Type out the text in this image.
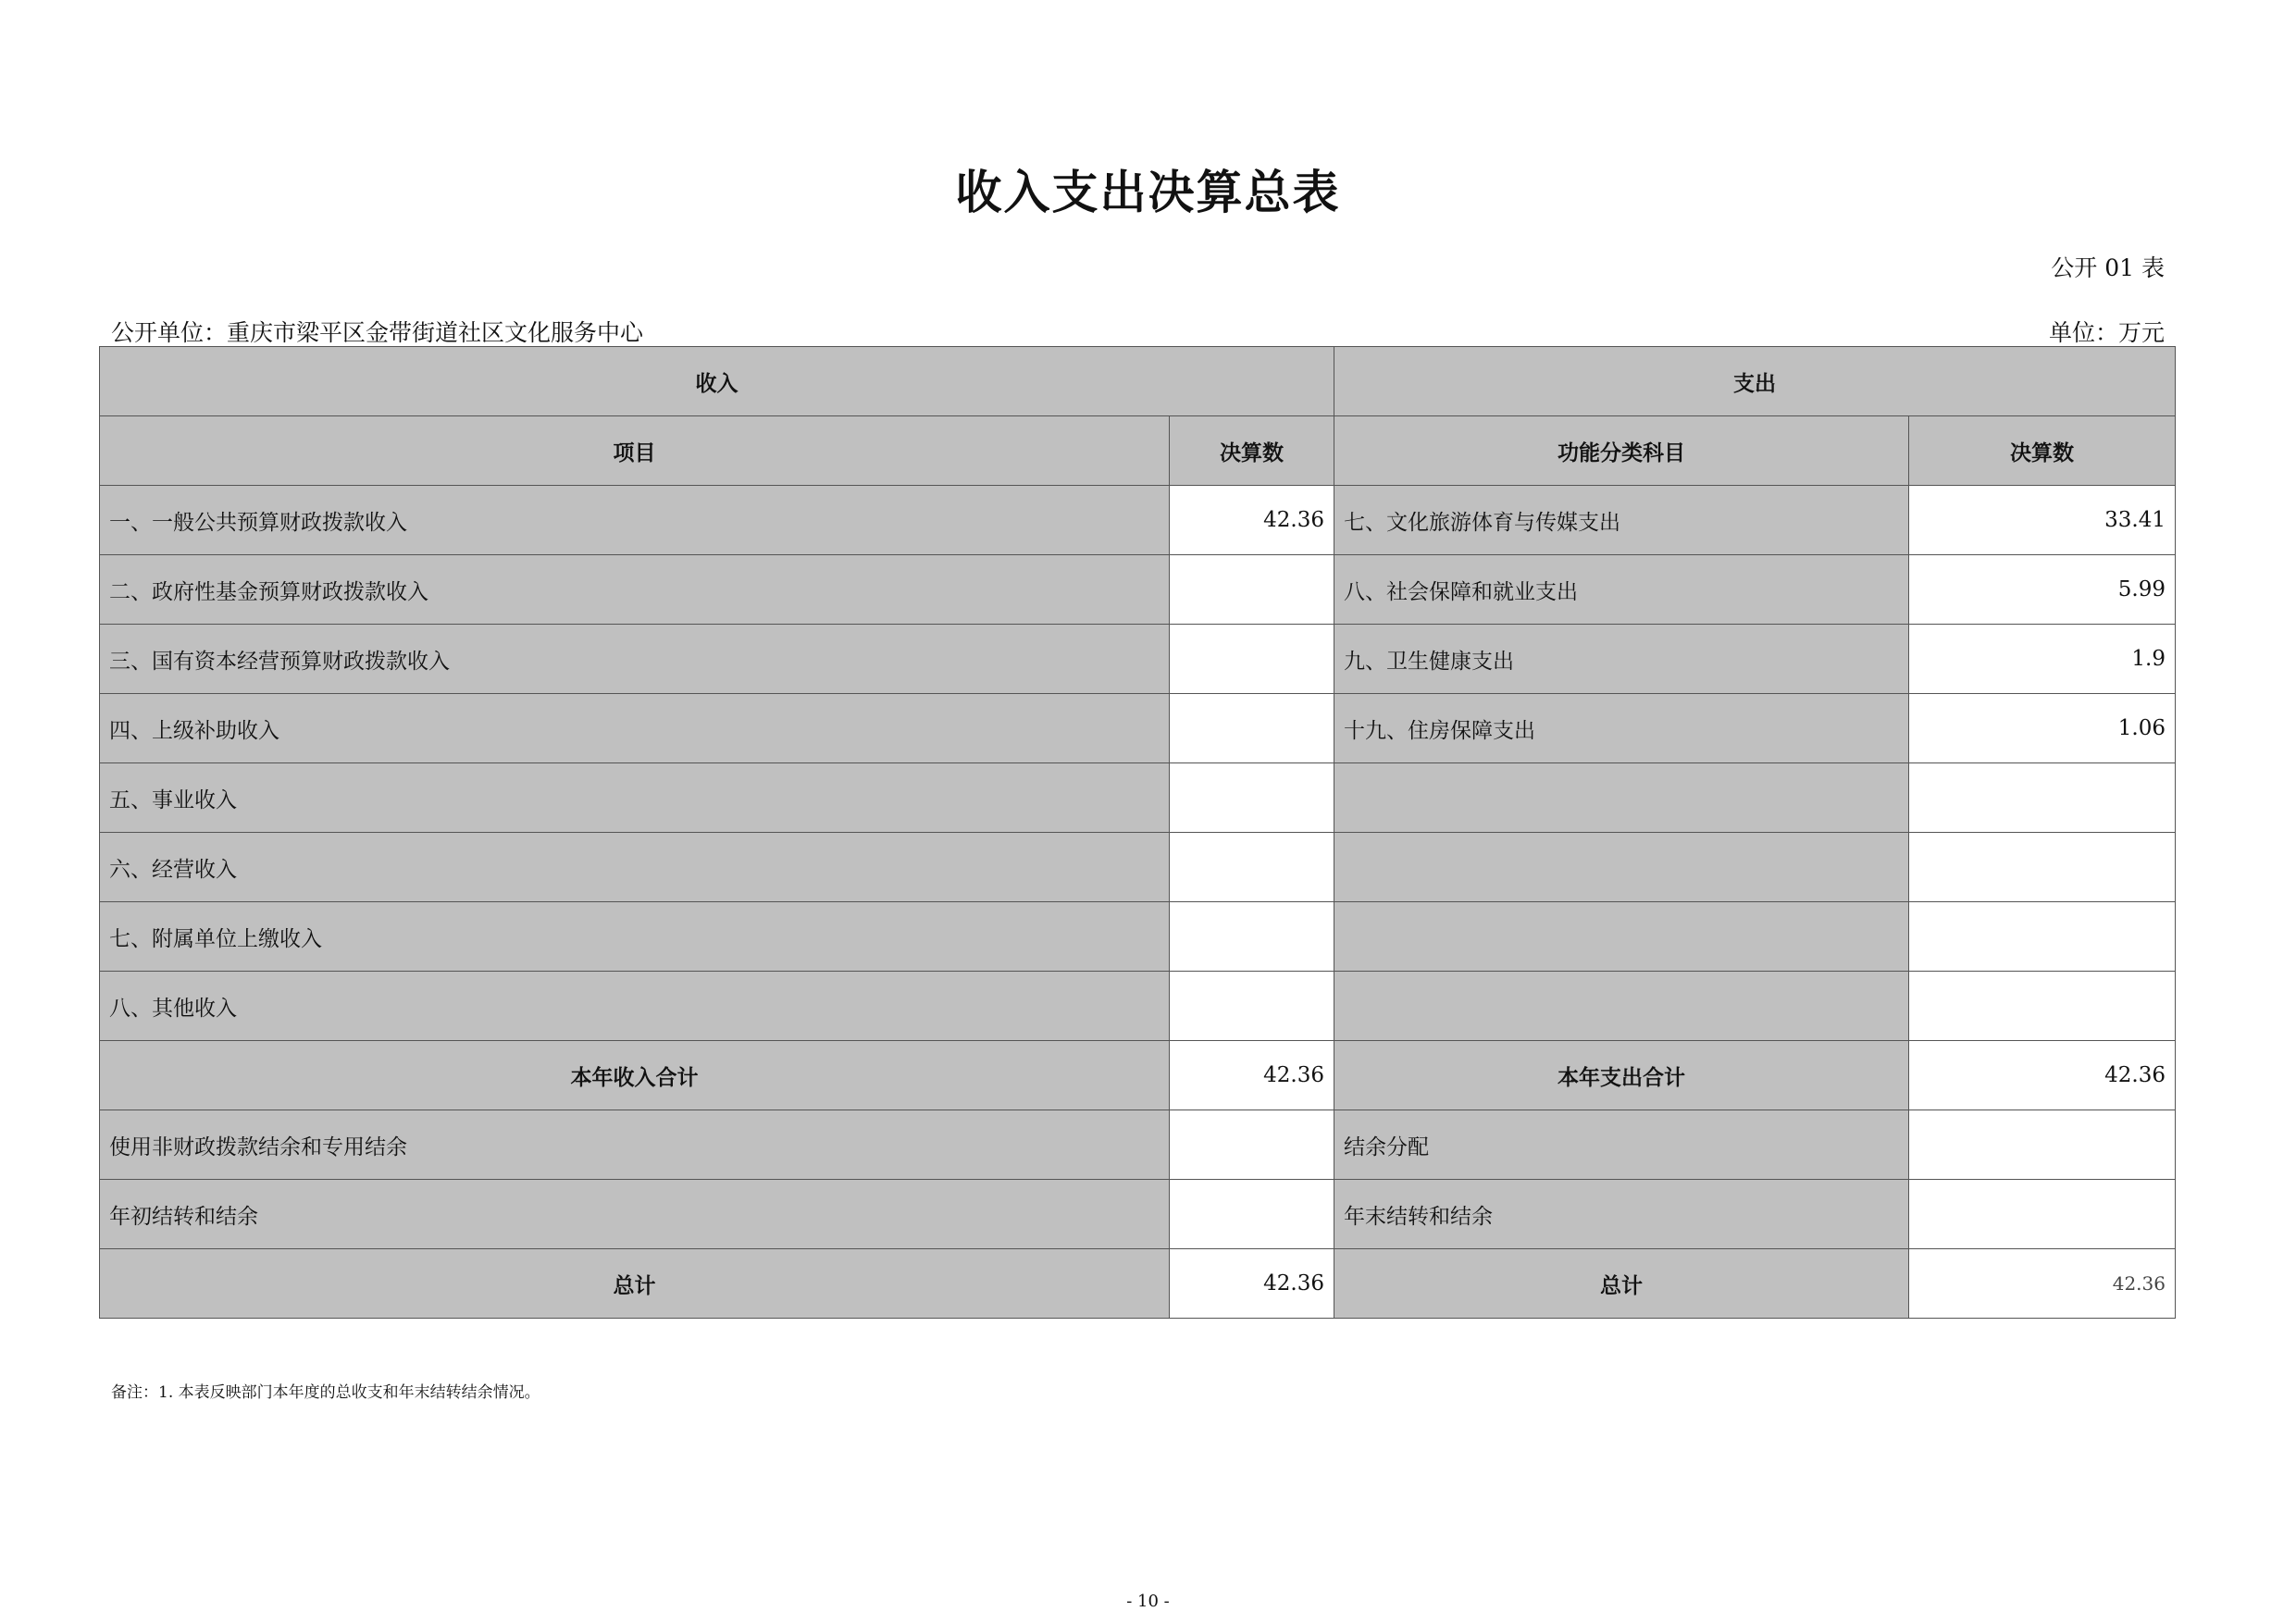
收入支出决算总表
公开 01 表
公开单位：重庆市梁平区金带街道社区文化服务中心	单位：万元
收入		支出	
项目	决算数	功能分类科目	决算数
一、一般公共预算财政拨款收入	42.36	七、文化旅游体育与传媒支出	33.41
二、政府性基金预算财政拨款收入		八、社会保障和就业支出	5.99
三、国有资本经营预算财政拨款收入		九、卫生健康支出	1.9
四、上级补助收入		十九、住房保障支出	1.06
五、事业收入			
六、经营收入			
七、附属单位上缴收入			
八、其他收入			
本年收入合计	42.36	本年支出合计	42.36
使用非财政拨款结余和专用结余		结余分配	
年初结转和结余		年末结转和结余	
总计	42.36	总计	42.36
备注：1. 本表反映部门本年度的总收支和年末结转结余情况。
- 10 -
